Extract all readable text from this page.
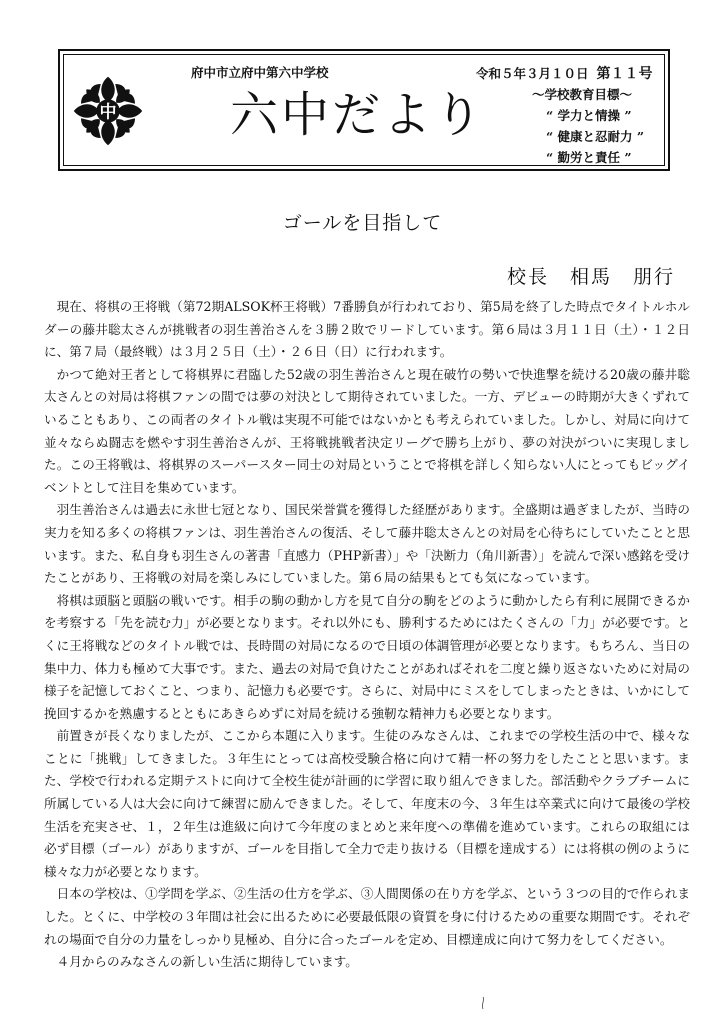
中
府中市立府中第六中学校	令和５年３月１０日 第１１号
六中だより	～学校教育目標～
“ 学力と情操 ”
“ 健康と忍耐力 ”
“ 勤労と責任 ”
ゴールを目指して
校長　相馬　朋行

現在、将棋の王将戦（第72期ALSOK杯王将戦）7番勝負が行われており、第5局を終了した時点でタイトルホルダーの藤井聡太さんが挑戦者の羽生善治さんを３勝２敗でリードしています。第６局は３月１１日（土）・１２日に、第７局（最終戦）は３月２５日（土）・２６日（日）に行われます。

かつて絶対王者として将棋界に君臨した52歳の羽生善治さんと現在破竹の勢いで快進撃を続ける20歳の藤井聡太さんとの対局は将棋ファンの間では夢の対決として期待されていました。一方、デビューの時期が大きくずれていることもあり、この両者のタイトル戦は実現不可能ではないかとも考えられていました。しかし、対局に向けて並々ならぬ闘志を燃やす羽生善治さんが、王将戦挑戦者決定リーグで勝ち上がり、夢の対決がついに実現しました。この王将戦は、将棋界のスーパースター同士の対局ということで将棋を詳しく知らない人にとってもビッグイベントとして注目を集めています。

羽生善治さんは過去に永世七冠となり、国民栄誉賞を獲得した経歴があります。全盛期は過ぎましたが、当時の実力を知る多くの将棋ファンは、羽生善治さんの復活、そして藤井聡太さんとの対局を心待ちにしていたことと思います。また、私自身も羽生さんの著書「直感力（PHP新書）」や「決断力（角川新書）」を読んで深い感銘を受けたことがあり、王将戦の対局を楽しみにしていました。第６局の結果もとても気になっています。

将棋は頭脳と頭脳の戦いです。相手の駒の動かし方を見て自分の駒をどのように動かしたら有利に展開できるかを考察する「先を読む力」が必要となります。それ以外にも、勝利するためにはたくさんの「力」が必要です。とくに王将戦などのタイトル戦では、長時間の対局になるので日頃の体調管理が必要となります。もちろん、当日の集中力、体力も極めて大事です。また、過去の対局で負けたことがあればそれを二度と繰り返さないために対局の様子を記憶しておくこと、つまり、記憶力も必要です。さらに、対局中にミスをしてしまったときは、いかにして挽回するかを熟慮するとともにあきらめずに対局を続ける強靭な精神力も必要となります。

前置きが長くなりましたが、ここから本題に入ります。生徒のみなさんは、これまでの学校生活の中で、様々なことに「挑戦」してきました。３年生にとっては高校受験合格に向けて精一杯の努力をしたことと思います。また、学校で行われる定期テストに向けて全校生徒が計画的に学習に取り組んできました。部活動やクラブチームに所属している人は大会に向けて練習に励んできました。そして、年度末の今、３年生は卒業式に向けて最後の学校生活を充実させ、１，２年生は進級に向けて今年度のまとめと来年度への準備を進めています。これらの取組には必ず目標（ゴール）がありますが、ゴールを目指して全力で走り抜ける（目標を達成する）には将棋の例のように様々な力が必要となります。

日本の学校は、①学問を学ぶ、②生活の仕方を学ぶ、③人間関係の在り方を学ぶ、という３つの目的で作られました。とくに、中学校の３年間は社会に出るために必要最低限の資質を身に付けるための重要な期間です。それぞれの場面で自分の力量をしっかり見極め、自分に合ったゴールを定め、目標達成に向けて努力をしてください。

４月からのみなさんの新しい生活に期待しています。
